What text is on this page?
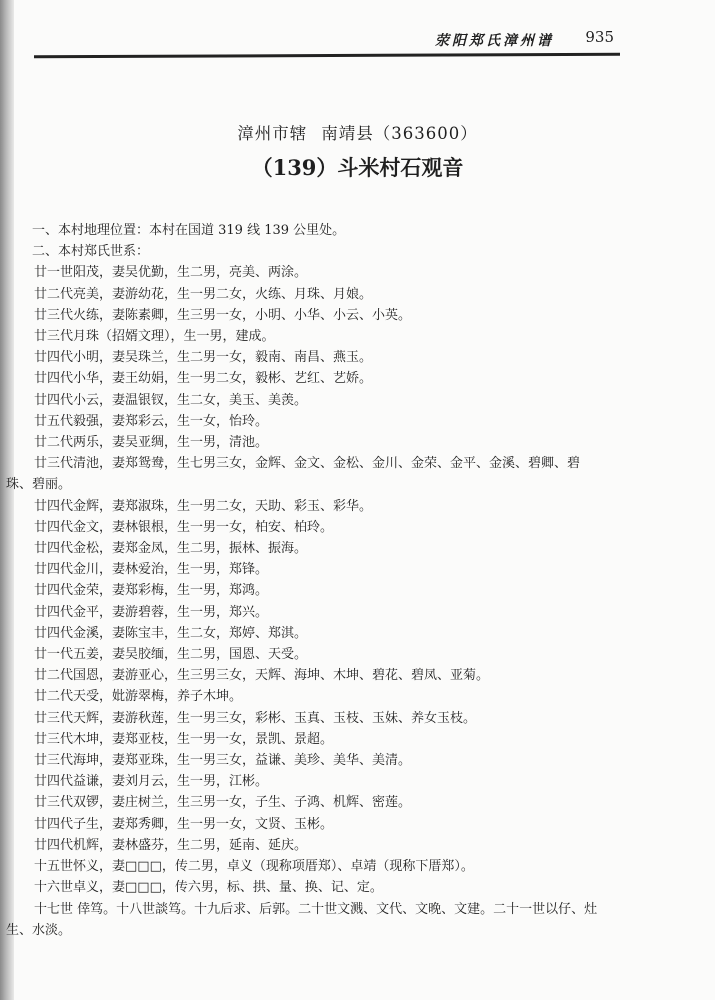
荥阳郑氏漳州谱 935
漳州市辖 南靖县（363600）
（139）斗米村石观音
一、本村地理位置：本村在国道 319 线 139 公里处。
二、本村郑氏世系：
廿一世阳茂，妻吴优勤，生二男，亮美、两涂。
廿二代亮美，妻游幼花，生一男二女，火练、月珠、月娘。
廿三代火练，妻陈素卿，生三男一女，小明、小华、小云、小英。
廿三代月珠（招婿文理），生一男，建成。
廿四代小明，妻吴珠兰，生二男一女，毅南、南昌、燕玉。
廿四代小华，妻王幼娟，生一男二女，毅彬、艺红、艺娇。
廿四代小云，妻温银钗，生二女，美玉、美羡。
廿五代毅强，妻郑彩云，生一女，怡玲。
廿二代两乐，妻吴亚绸，生一男，清池。
廿三代清池，妻郑鸳鸯，生七男三女，金辉、金文、金松、金川、金荣、金平、金溪、碧卿、碧
珠、碧丽。
廿四代金辉，妻郑淑珠，生一男二女，天助、彩玉、彩华。
廿四代金文，妻林银根，生一男一女，柏安、柏玲。
廿四代金松，妻郑金凤，生二男，振林、振海。
廿四代金川，妻林爱治，生一男，郑锋。
廿四代金荣，妻郑彩梅，生一男，郑鸿。
廿四代金平，妻游碧蓉，生一男，郑兴。
廿四代金溪，妻陈宝丰，生二女，郑婷、郑淇。
廿一代五姜，妻吴胶缅，生二男，国恩、天受。
廿二代国恩，妻游亚心，生三男三女，天辉、海坤、木坤、碧花、碧凤、亚菊。
廿二代天受，妣游翠梅，养子木坤。
廿三代天辉，妻游秋莲，生一男三女，彩彬、玉真、玉枝、玉妹、养女玉枝。
廿三代木坤，妻郑亚枝，生一男一女，景凯、景超。
廿三代海坤，妻郑亚珠，生一男三女，益谦、美珍、美华、美清。
廿四代益谦，妻刘月云，生一男，江彬。
廿三代双锣，妻庄树兰，生三男一女，子生、子鸿、机辉、密莲。
廿四代子生，妻郑秀卿，生一男一女，文贤、玉彬。
廿四代机辉，妻林盛芬，生二男，延南、延庆。
十五世怀义，妻□□□，传二男，卓义（现称项厝郑）、卓靖（现称下厝郑）。
十六世卓义，妻□□□，传六男，标、拱、量、换、记、定。
十七世 倖笃。十八世談笃。十九后求、后郭。二十世文溅、文代、文晚、文建。二十一世以仔、灶
生、水淡。
